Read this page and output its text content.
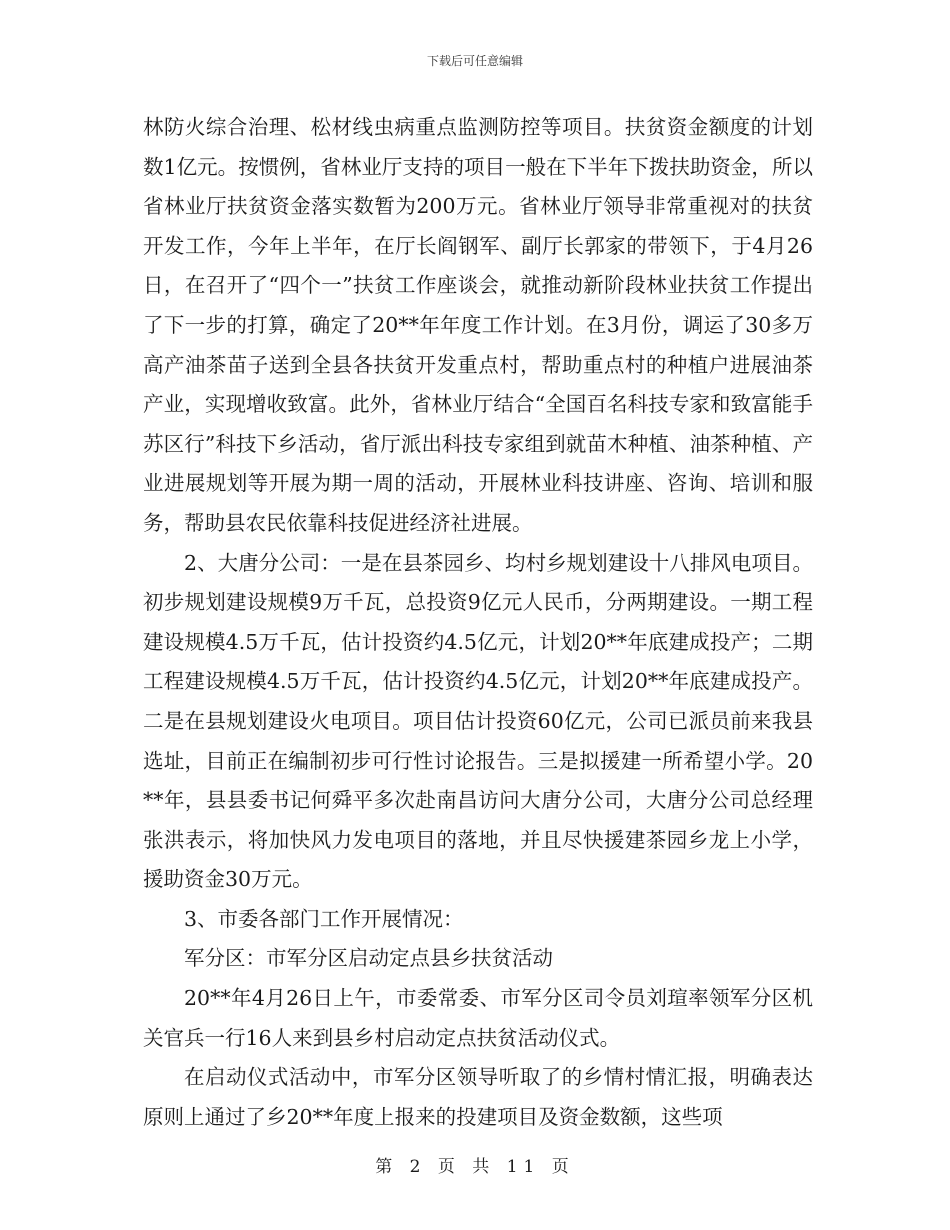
下载后可任意编辑

林防火综合治理、松材线虫病重点监测防控等项目。扶贫资金额度的计划数1亿元。按惯例，省林业厅支持的项目一般在下半年下拨扶助资金，所以省林业厅扶贫资金落实数暂为200万元。省林业厅领导非常重视对的扶贫开发工作，今年上半年，在厅长阎钢军、副厅长郭家的带领下，于4月26日，在召开了“四个一”扶贫工作座谈会，就推动新阶段林业扶贫工作提出了下一步的打算，确定了20**年年度工作计划。在3月份，调运了30多万高产油茶苗子送到全县各扶贫开发重点村，帮助重点村的种植户进展油茶产业，实现增收致富。此外，省林业厅结合“全国百名科技专家和致富能手苏区行”科技下乡活动，省厅派出科技专家组到就苗木种植、油茶种植、产业进展规划等开展为期一周的活动，开展林业科技讲座、咨询、培训和服务，帮助县农民依靠科技促进经济社进展。

2、大唐分公司：一是在县茶园乡、均村乡规划建设十八排风电项目。初步规划建设规模9万千瓦，总投资9亿元人民币，分两期建设。一期工程建设规模4.5万千瓦，估计投资约4.5亿元，计划20**年底建成投产；二期工程建设规模4.5万千瓦，估计投资约4.5亿元，计划20**年底建成投产。二是在县规划建设火电项目。项目估计投资60亿元，公司已派员前来我县选址，目前正在编制初步可行性讨论报告。三是拟援建一所希望小学。20**年，县县委书记何舜平多次赴南昌访问大唐分公司，大唐分公司总经理张洪表示，将加快风力发电项目的落地，并且尽快援建茶园乡龙上小学，援助资金30万元。

3、市委各部门工作开展情况：

军分区：市军分区启动定点县乡扶贫活动

20**年4月26日上午，市委常委、市军分区司令员刘瑄率领军分区机关官兵一行16人来到县乡村启动定点扶贫活动仪式。

在启动仪式活动中，市军分区领导听取了的乡情村情汇报，明确表达原则上通过了乡20**年度上报来的投建项目及资金数额，这些项

第 2 页 共 11 页
